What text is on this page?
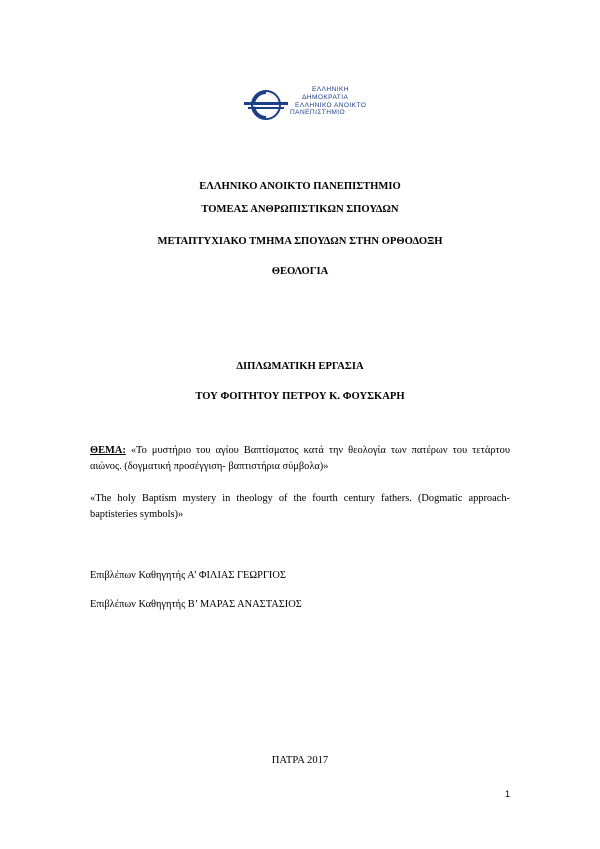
ΕΛΛΗΝΙΚΗ
ΔΗΜΟΚΡΑΤΙΑ
ΕΛΛΗΝΙΚΟ ΑΝΟΙΚΤΟ
ΠΑΝΕΠΙΣΤΗΜΙΟ
ΕΛΛΗΝΙΚΟ ΑΝΟΙΚΤΟ ΠΑΝΕΠΙΣΤΗΜΙΟ
ΤΟΜΕΑΣ ΑΝΘΡΩΠΙΣΤΙΚΩΝ ΣΠΟΥΔΩΝ
ΜΕΤΑΠΤΥΧΙΑΚΟ ΤΜΗΜΑ ΣΠΟΥΔΩΝ ΣΤΗΝ ΟΡΘΟΔΟΞΗ
ΘΕΟΛΟΓΙΑ
ΔΙΠΛΩΜΑΤΙΚΗ ΕΡΓΑΣΙΑ
ΤΟΥ ΦΟΙΤΗΤΟΥ ΠΕΤΡΟΥ Κ. ΦΟΥΣΚΑΡΗ
ΘΕΜΑ: «Το μυστήριο του αγίου Βαπτίσματος κατά την θεολογία των πατέρων του τετάρτου αιώνος. (δογματική προσέγγιση- βαπτιστήρια σύμβολα)»
«The holy Baptism mystery in theology of the fourth century fathers. (Dogmatic approach- baptisteries symbols)»
Επιβλέπων Καθηγητής Α’ ΦΙΛΙΑΣ ΓΕΩΡΓΙΟΣ
Επιβλέπων Καθηγητής Β’ ΜΑΡΑΣ ΑΝΑΣΤΑΣΙΟΣ
ΠΑΤΡΑ 2017
1
